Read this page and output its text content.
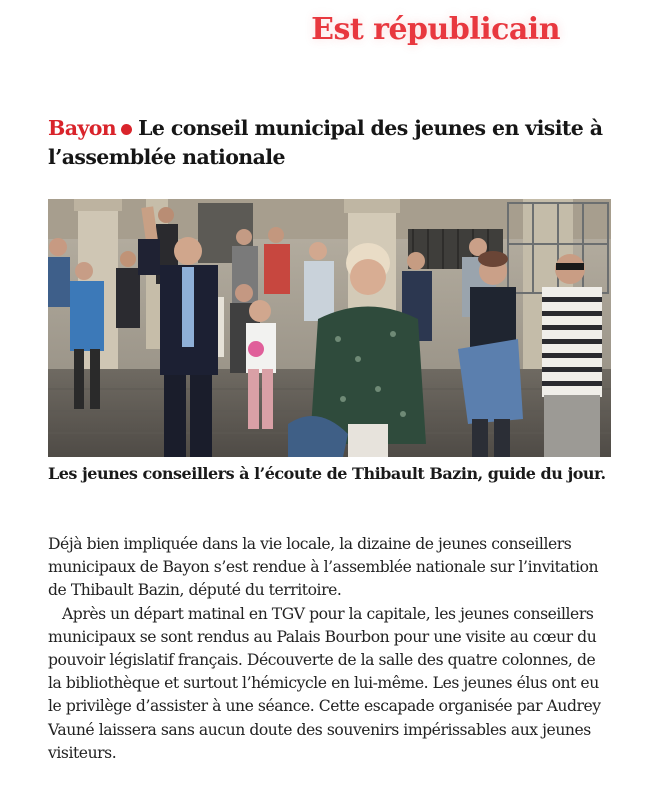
Est républicain
Bayon Le conseil municipal des jeunes en visite à l’assemblée nationale
Les jeunes conseillers à l’écoute de Thibault Bazin, guide du jour.

Déjà bien impliquée dans la vie locale, la dizaine de jeunes conseillers municipaux de Bayon s’est rendue à l’assemblée nationale sur l’invitation de Thibault Bazin, député du territoire.

Après un départ matinal en TGV pour la capitale, les jeunes conseillers municipaux se sont rendus au Palais Bourbon pour une visite au cœur du pouvoir législatif français. Découverte de la salle des quatre colonnes, de la bibliothèque et surtout l’hémicycle en lui-même. Les jeunes élus ont eu le privilège d’assister à une séance. Cette escapade organisée par Audrey Vauné laissera sans aucun doute des souvenirs impérissables aux jeunes visiteurs.
